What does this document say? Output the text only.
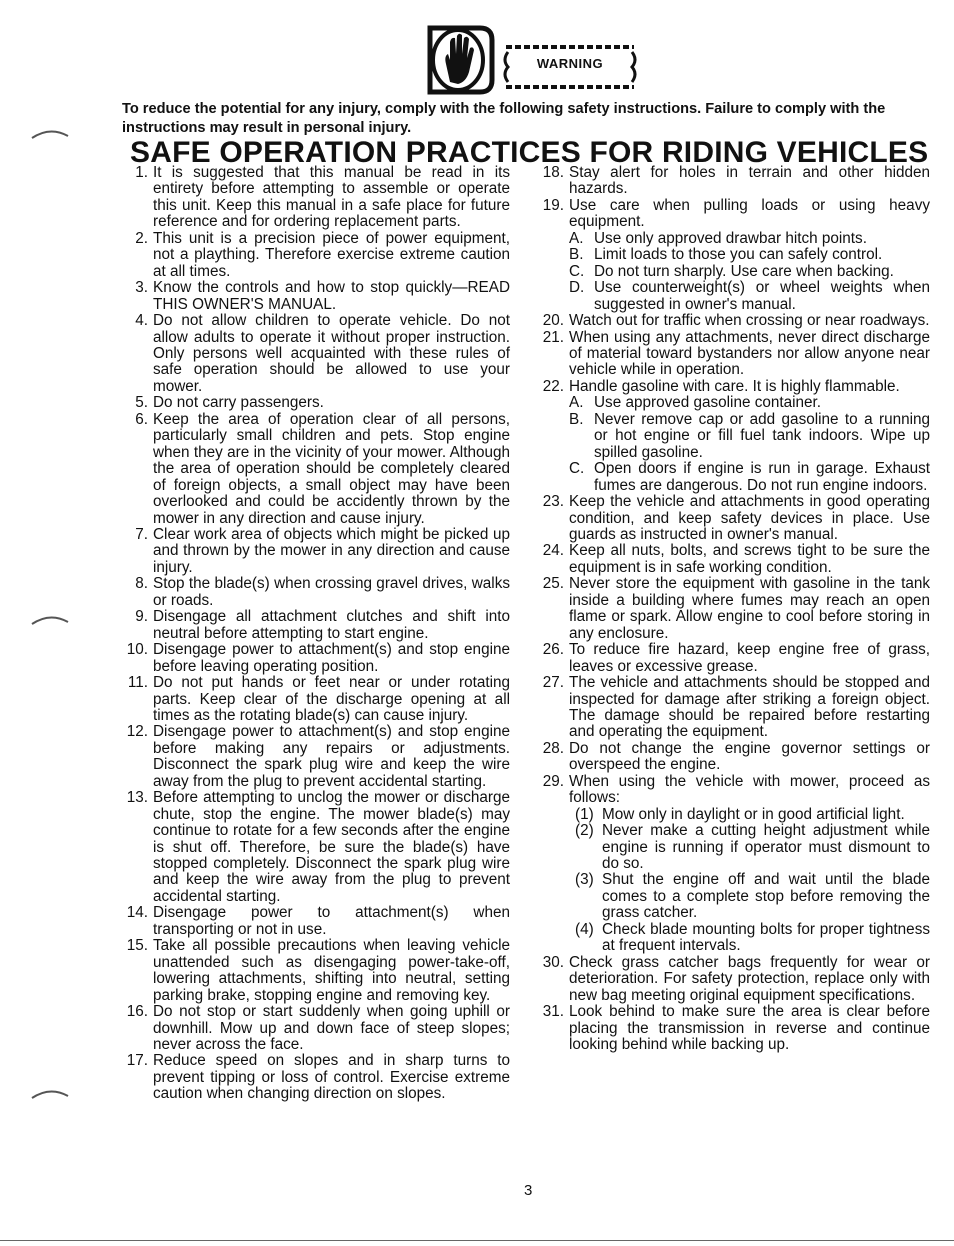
WARNING
To reduce the potential for any injury, comply with the following safety instructions. Failure to comply with the instructions may result in personal injury.
SAFE OPERATION PRACTICES FOR RIDING VEHICLES
1. It is suggested that this manual be read in its entirety before attempting to assemble or operate this unit. Keep this manual in a safe place for future reference and for ordering replacement parts.
2. This unit is a precision piece of power equipment, not a plaything. Therefore exercise extreme caution at all times.
3. Know the controls and how to stop quickly—READ THIS OWNER'S MANUAL.
4. Do not allow children to operate vehicle. Do not allow adults to operate it without proper instruction. Only persons well acquainted with these rules of safe operation should be allowed to use your mower.
5. Do not carry passengers.
6. Keep the area of operation clear of all persons, particularly small children and pets. Stop engine when they are in the vicinity of your mower. Although the area of operation should be completely cleared of foreign objects, a small object may have been overlooked and could be accidently thrown by the mower in any direction and cause injury.
7. Clear work area of objects which might be picked up and thrown by the mower in any direction and cause injury.
8. Stop the blade(s) when crossing gravel drives, walks or roads.
9. Disengage all attachment clutches and shift into neutral before attempting to start engine.
10. Disengage power to attachment(s) and stop engine before leaving operating position.
11. Do not put hands or feet near or under rotating parts. Keep clear of the discharge opening at all times as the rotating blade(s) can cause injury.
12. Disengage power to attachment(s) and stop engine before making any repairs or adjustments. Disconnect the spark plug wire and keep the wire away from the plug to prevent accidental starting.
13. Before attempting to unclog the mower or discharge chute, stop the engine. The mower blade(s) may continue to rotate for a few seconds after the engine is shut off. Therefore, be sure the blade(s) have stopped completely. Disconnect the spark plug wire and keep the wire away from the plug to prevent accidental starting.
14. Disengage power to attachment(s) when transporting or not in use.
15. Take all possible precautions when leaving vehicle unattended such as disengaging power-take-off, lowering attachments, shifting into neutral, setting parking brake, stopping engine and removing key.
16. Do not stop or start suddenly when going uphill or downhill. Mow up and down face of steep slopes; never across the face.
17. Reduce speed on slopes and in sharp turns to prevent tipping or loss of control. Exercise extreme caution when changing direction on slopes.
18. Stay alert for holes in terrain and other hidden hazards.
19. Use care when pulling loads or using heavy equipment.
A. Use only approved drawbar hitch points.
B. Limit loads to those you can safely control.
C. Do not turn sharply. Use care when backing.
D. Use counterweight(s) or wheel weights when suggested in owner's manual.
20. Watch out for traffic when crossing or near roadways.
21. When using any attachments, never direct discharge of material toward bystanders nor allow anyone near vehicle while in operation.
22. Handle gasoline with care. It is highly flammable.
A. Use approved gasoline container.
B. Never remove cap or add gasoline to a running or hot engine or fill fuel tank indoors. Wipe up spilled gasoline.
C. Open doors if engine is run in garage. Exhaust fumes are dangerous. Do not run engine indoors.
23. Keep the vehicle and attachments in good operating condition, and keep safety devices in place. Use guards as instructed in owner's manual.
24. Keep all nuts, bolts, and screws tight to be sure the equipment is in safe working condition.
25. Never store the equipment with gasoline in the tank inside a building where fumes may reach an open flame or spark. Allow engine to cool before storing in any enclosure.
26. To reduce fire hazard, keep engine free of grass, leaves or excessive grease.
27. The vehicle and attachments should be stopped and inspected for damage after striking a foreign object. The damage should be repaired before restarting and operating the equipment.
28. Do not change the engine governor settings or overspeed the engine.
29. When using the vehicle with mower, proceed as follows:
(1) Mow only in daylight or in good artificial light.
(2) Never make a cutting height adjustment while engine is running if operator must dismount to do so.
(3) Shut the engine off and wait until the blade comes to a complete stop before removing the grass catcher.
(4) Check blade mounting bolts for proper tightness at frequent intervals.
30. Check grass catcher bags frequently for wear or deterioration. For safety protection, replace only with new bag meeting original equipment specifications.
31. Look behind to make sure the area is clear before placing the transmission in reverse and continue looking behind while backing up.
3
